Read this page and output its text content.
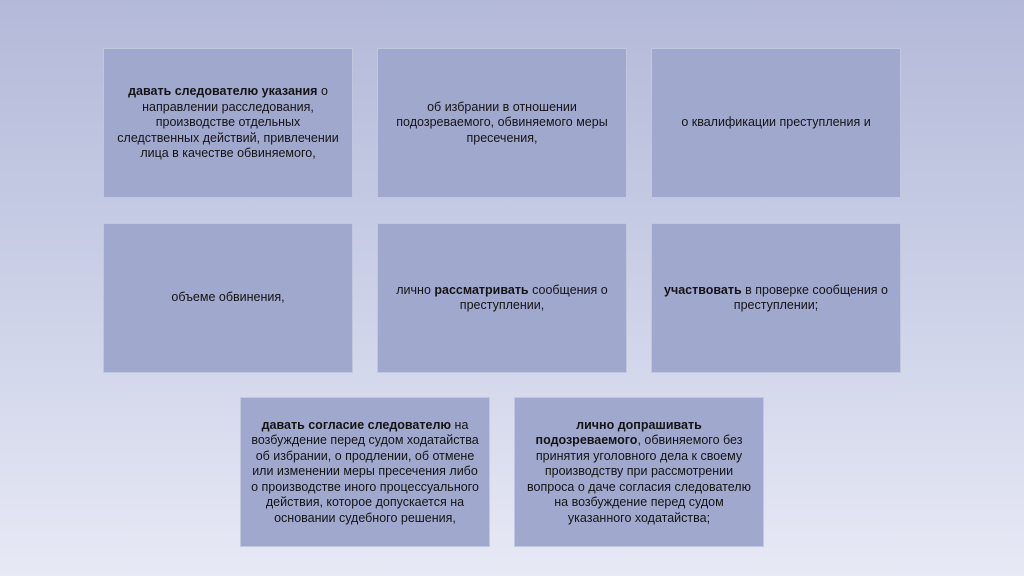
давать следователю указания о направлении расследования, производстве отдельных следственных действий, привлечении лица в качестве обвиняемого,

об избрании в отношении подозреваемого, обвиняемого меры пресечения,

о квалификации преступления и

объеме обвинения,

лично рассматривать сообщения о преступлении,

участвовать в проверке сообщения о преступлении;

давать согласие следователю на возбуждение перед судом ходатайства об избрании, о продлении, об отмене или изменении меры пресечения либо о производстве иного процессуального действия, которое допускается на основании судебного решения,

лично допрашивать подозреваемого, обвиняемого без принятия уголовного дела к своему производству при рассмотрении вопроса о даче согласия следователю на возбуждение перед судом указанного ходатайства;
